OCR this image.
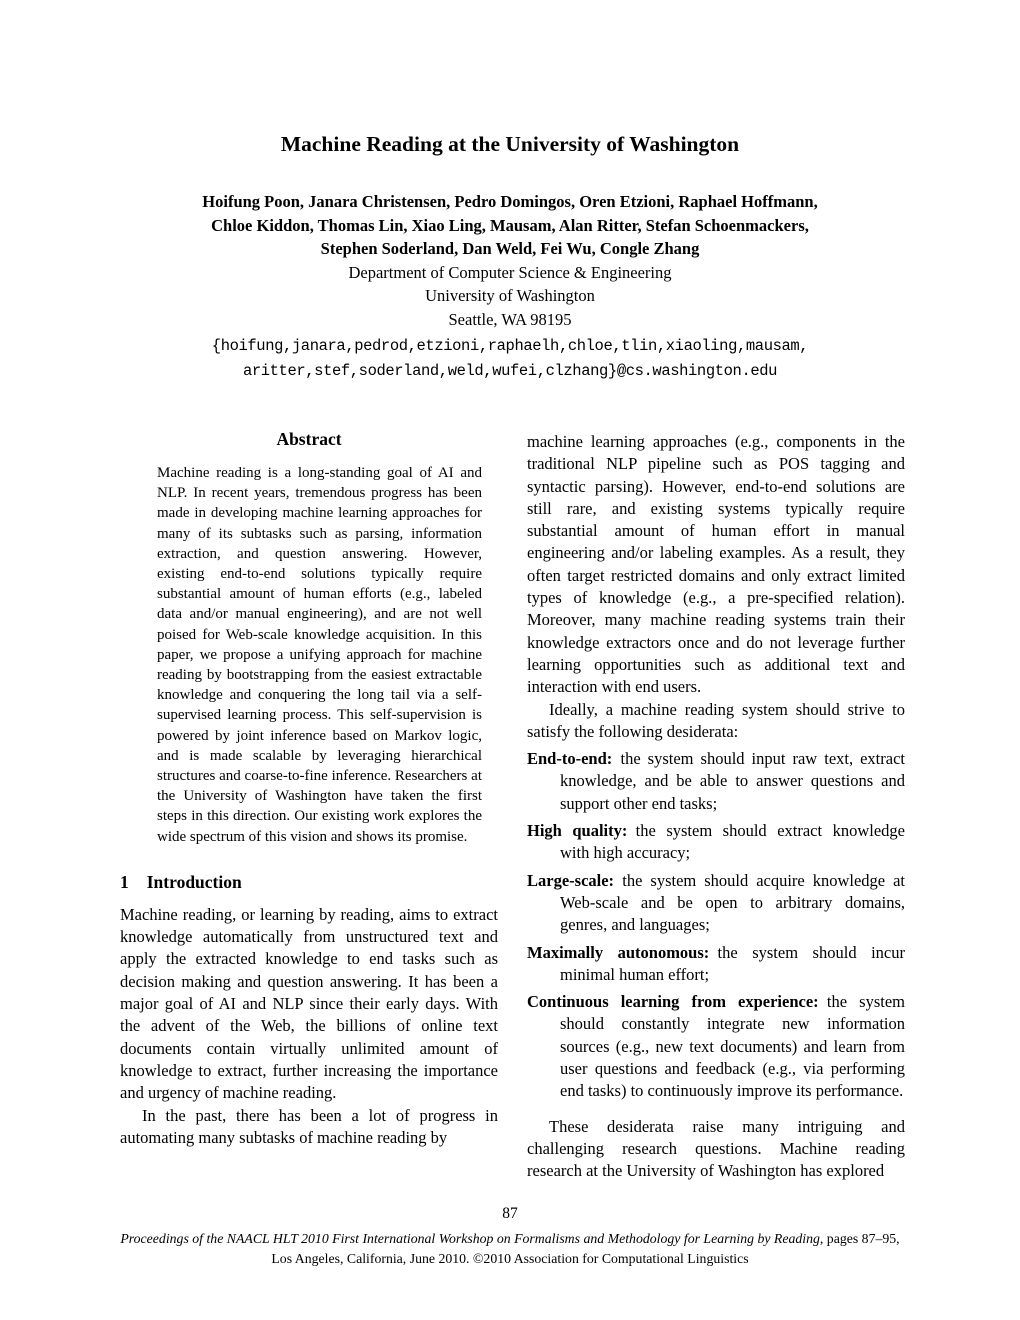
Machine Reading at the University of Washington
Hoifung Poon, Janara Christensen, Pedro Domingos, Oren Etzioni, Raphael Hoffmann,
Chloe Kiddon, Thomas Lin, Xiao Ling, Mausam, Alan Ritter, Stefan Schoenmackers,
Stephen Soderland, Dan Weld, Fei Wu, Congle Zhang
Department of Computer Science & Engineering
University of Washington
Seattle, WA 98195
{hoifung,janara,pedrod,etzioni,raphaelh,chloe,tlin,xiaoling,mausam,
aritter,stef,soderland,weld,wufei,clzhang}@cs.washington.edu
Abstract
Machine reading is a long-standing goal of AI and NLP. In recent years, tremendous progress has been made in developing machine learning approaches for many of its subtasks such as parsing, information extraction, and question answering. However, existing end-to-end solutions typically require substantial amount of human efforts (e.g., labeled data and/or manual engineering), and are not well poised for Web-scale knowledge acquisition. In this paper, we propose a unifying approach for machine reading by bootstrapping from the easiest extractable knowledge and conquering the long tail via a self-supervised learning process. This self-supervision is powered by joint inference based on Markov logic, and is made scalable by leveraging hierarchical structures and coarse-to-fine inference. Researchers at the University of Washington have taken the first steps in this direction. Our existing work explores the wide spectrum of this vision and shows its promise.
1 Introduction

Machine reading, or learning by reading, aims to extract knowledge automatically from unstructured text and apply the extracted knowledge to end tasks such as decision making and question answering. It has been a major goal of AI and NLP since their early days. With the advent of the Web, the billions of online text documents contain virtually unlimited amount of knowledge to extract, further increasing the importance and urgency of machine reading.

In the past, there has been a lot of progress in automating many subtasks of machine reading by

machine learning approaches (e.g., components in the traditional NLP pipeline such as POS tagging and syntactic parsing). However, end-to-end solutions are still rare, and existing systems typically require substantial amount of human effort in manual engineering and/or labeling examples. As a result, they often target restricted domains and only extract limited types of knowledge (e.g., a pre-specified relation). Moreover, many machine reading systems train their knowledge extractors once and do not leverage further learning opportunities such as additional text and interaction with end users.

Ideally, a machine reading system should strive to satisfy the following desiderata:

End-to-end: the system should input raw text, extract knowledge, and be able to answer questions and support other end tasks;
High quality: the system should extract knowledge with high accuracy;
Large-scale: the system should acquire knowledge at Web-scale and be open to arbitrary domains, genres, and languages;
Maximally autonomous: the system should incur minimal human effort;
Continuous learning from experience: the system should constantly integrate new information sources (e.g., new text documents) and learn from user questions and feedback (e.g., via performing end tasks) to continuously improve its performance.

These desiderata raise many intriguing and challenging research questions. Machine reading research at the University of Washington has explored

87
Proceedings of the NAACL HLT 2010 First International Workshop on Formalisms and Methodology for Learning by Reading, pages 87–95,
Los Angeles, California, June 2010. ©2010 Association for Computational Linguistics
